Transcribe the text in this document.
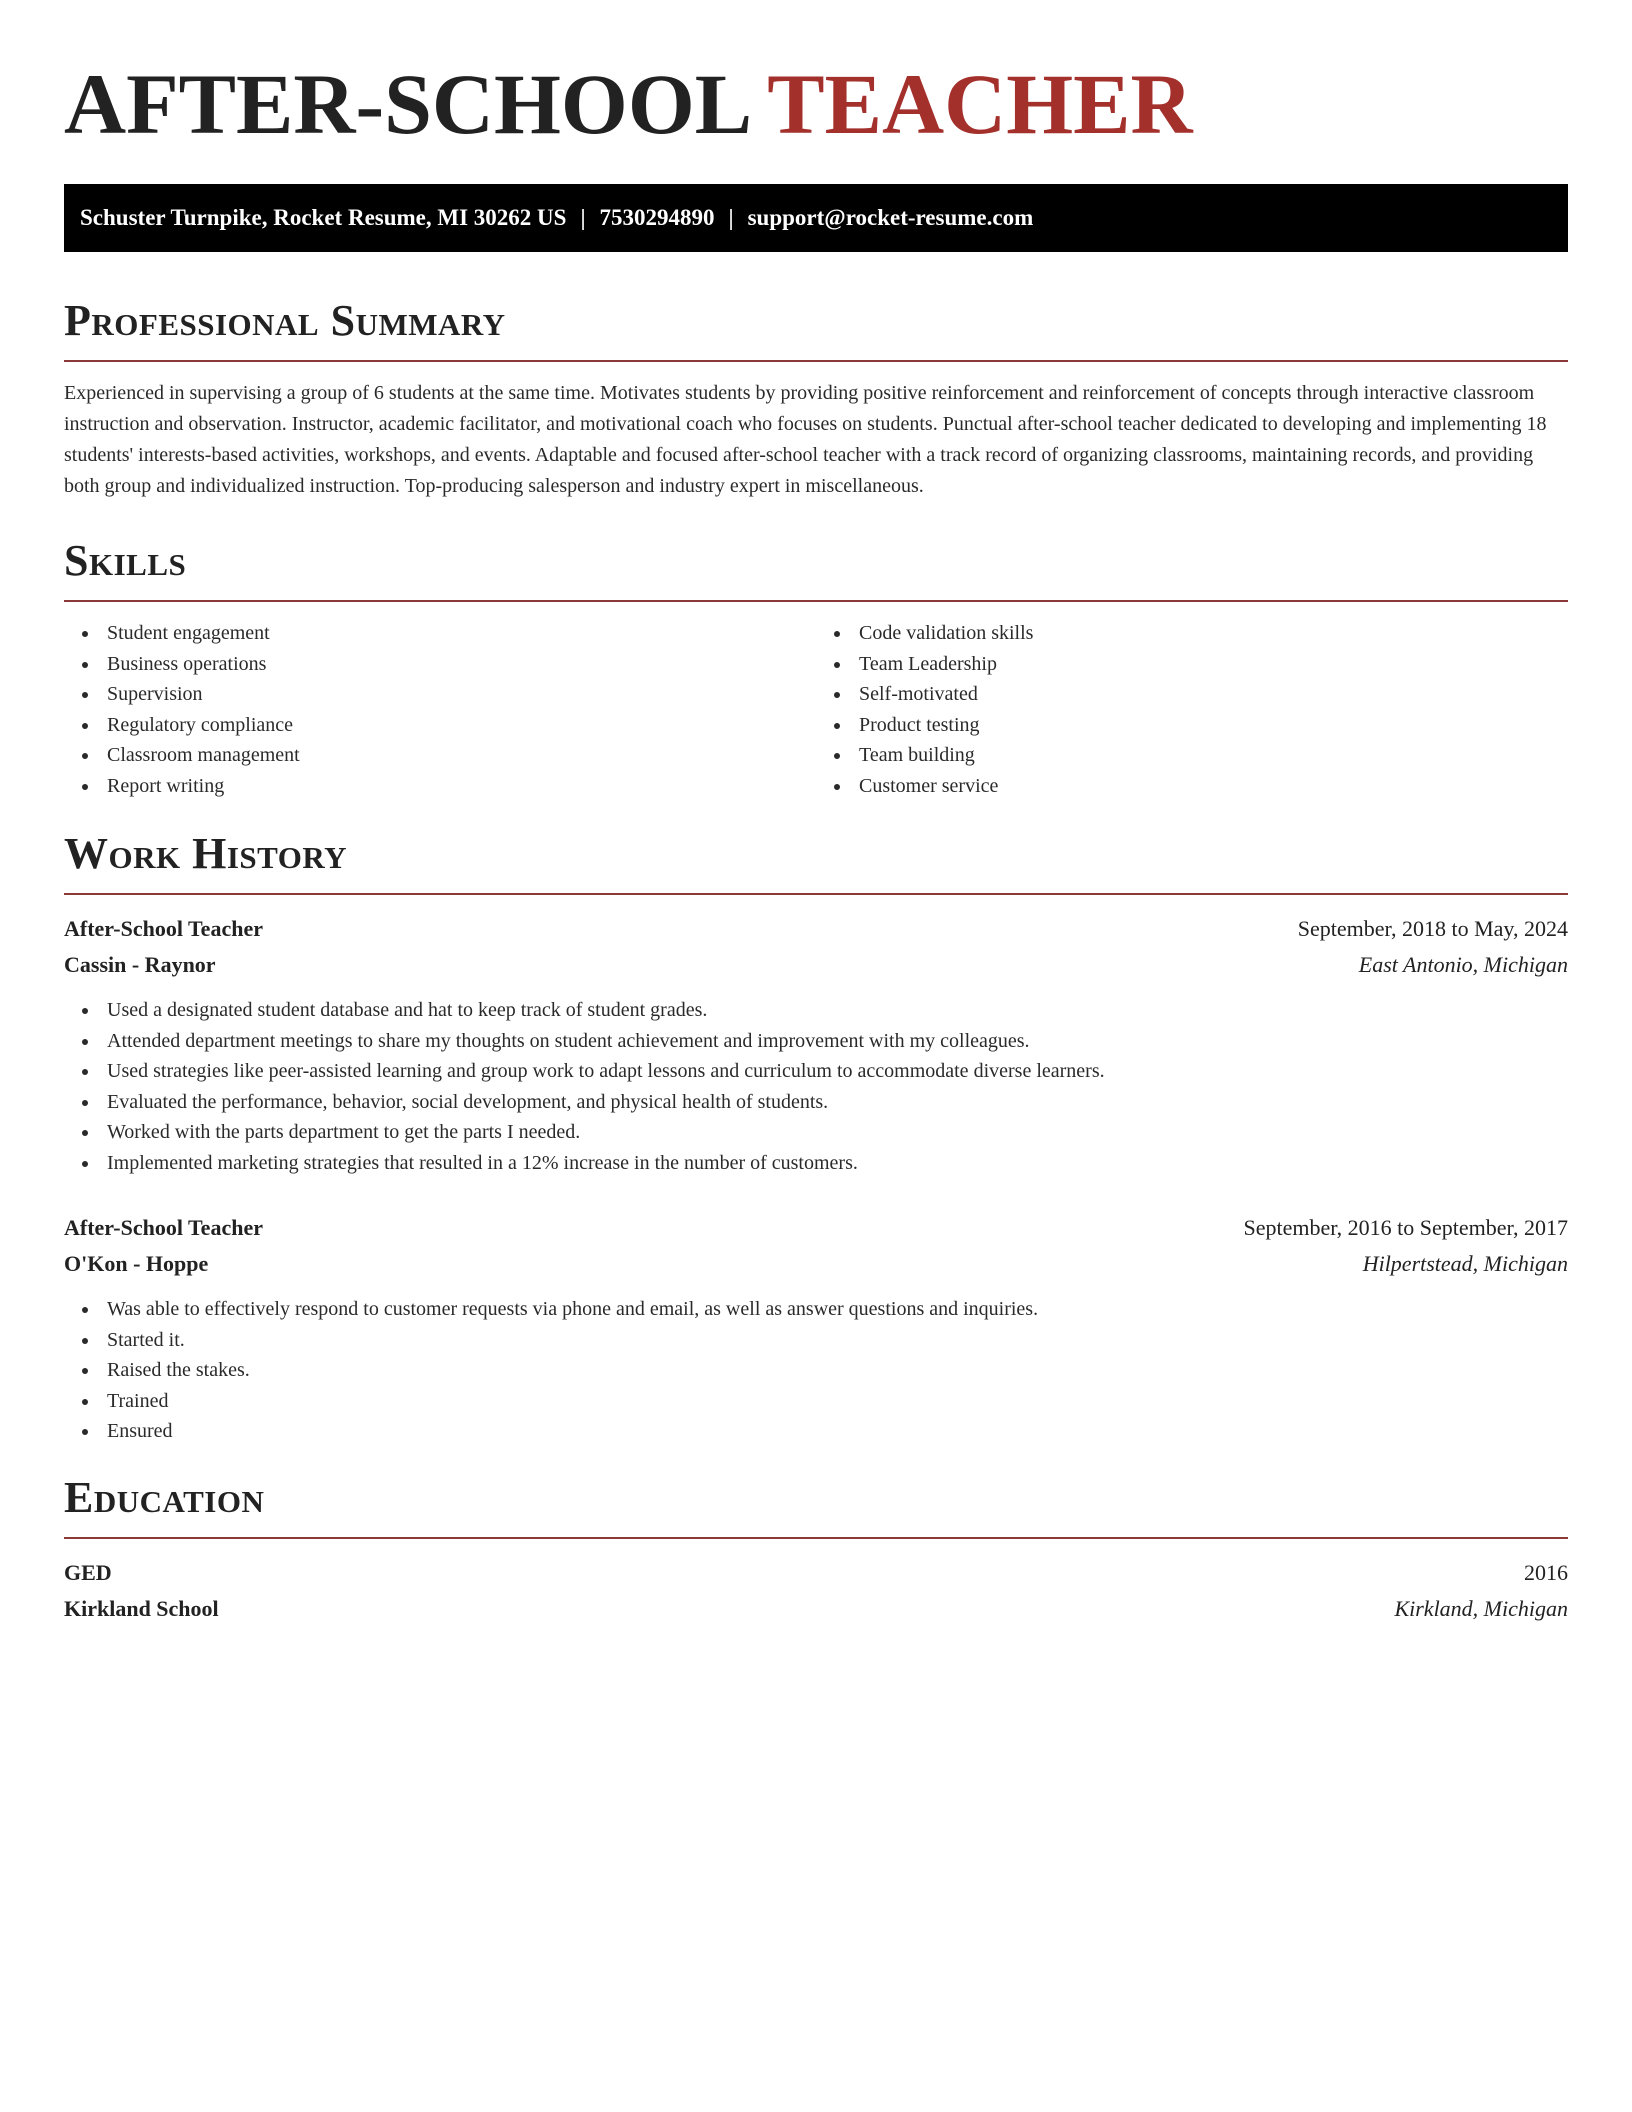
AFTER-SCHOOL TEACHER
Schuster Turnpike, Rocket Resume, MI 30262 US | 7530294890 | support@rocket-resume.com
Professional Summary

Experienced in supervising a group of 6 students at the same time. Motivates students by providing positive reinforcement and reinforcement of concepts through interactive classroom instruction and observation. Instructor, academic facilitator, and motivational coach who focuses on students. Punctual after-school teacher dedicated to developing and implementing 18 students' interests-based activities, workshops, and events. Adaptable and focused after-school teacher with a track record of organizing classrooms, maintaining records, and providing both group and individualized instruction. Top-producing salesperson and industry expert in miscellaneous.

Skills
Student engagement
Business operations
Supervision
Regulatory compliance
Classroom management
Report writing
Code validation skills
Team Leadership
Self-motivated
Product testing
Team building
Customer service
Work History
After-School Teacher	September, 2018 to May, 2024
Cassin - Raynor	East Antonio, Michigan
Used a designated student database and hat to keep track of student grades.
Attended department meetings to share my thoughts on student achievement and improvement with my colleagues.
Used strategies like peer-assisted learning and group work to adapt lessons and curriculum to accommodate diverse learners.
Evaluated the performance, behavior, social development, and physical health of students.
Worked with the parts department to get the parts I needed.
Implemented marketing strategies that resulted in a 12% increase in the number of customers.
After-School Teacher	September, 2016 to September, 2017
O'Kon - Hoppe	Hilpertstead, Michigan
Was able to effectively respond to customer requests via phone and email, as well as answer questions and inquiries.
Started it.
Raised the stakes.
Trained
Ensured
Education
GED	2016
Kirkland School	Kirkland, Michigan
